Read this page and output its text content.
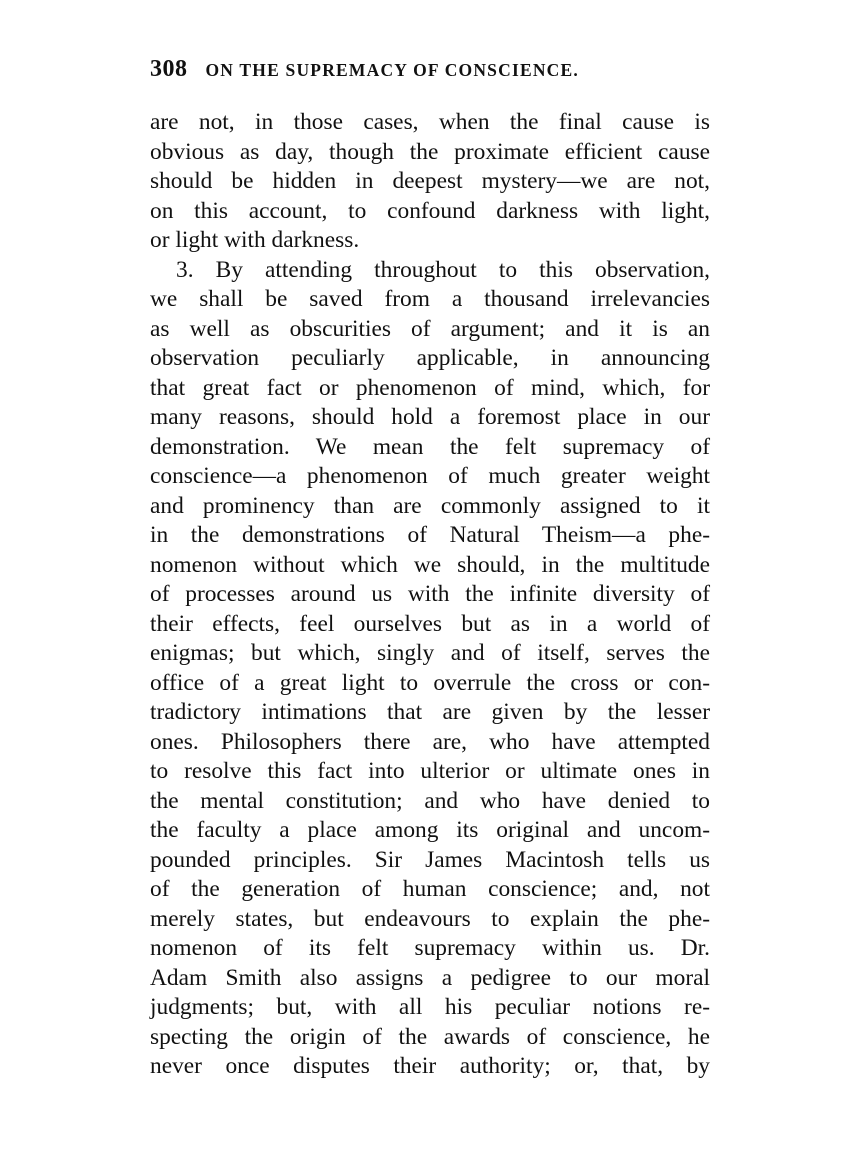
308 ON THE SUPREMACY OF CONSCIENCE.
are not, in those cases, when the final cause is
obvious as day, though the proximate efficient cause
should be hidden in deepest mystery—we are not,
on this account, to confound darkness with light,
or light with darkness.
3. By attending throughout to this observation,
we shall be saved from a thousand irrelevancies
as well as obscurities of argument; and it is an
observation peculiarly applicable, in announcing
that great fact or phenomenon of mind, which, for
many reasons, should hold a foremost place in our
demonstration. We mean the felt supremacy of
conscience—a phenomenon of much greater weight
and prominency than are commonly assigned to it
in the demonstrations of Natural Theism—a phe-
nomenon without which we should, in the multitude
of processes around us with the infinite diversity of
their effects, feel ourselves but as in a world of
enigmas; but which, singly and of itself, serves the
office of a great light to overrule the cross or con-
tradictory intimations that are given by the lesser
ones. Philosophers there are, who have attempted
to resolve this fact into ulterior or ultimate ones in
the mental constitution; and who have denied to
the faculty a place among its original and uncom-
pounded principles. Sir James Macintosh tells us
of the generation of human conscience; and, not
merely states, but endeavours to explain the phe-
nomenon of its felt supremacy within us. Dr.
Adam Smith also assigns a pedigree to our moral
judgments; but, with all his peculiar notions re-
specting the origin of the awards of conscience, he
never once disputes their authority; or, that, by
